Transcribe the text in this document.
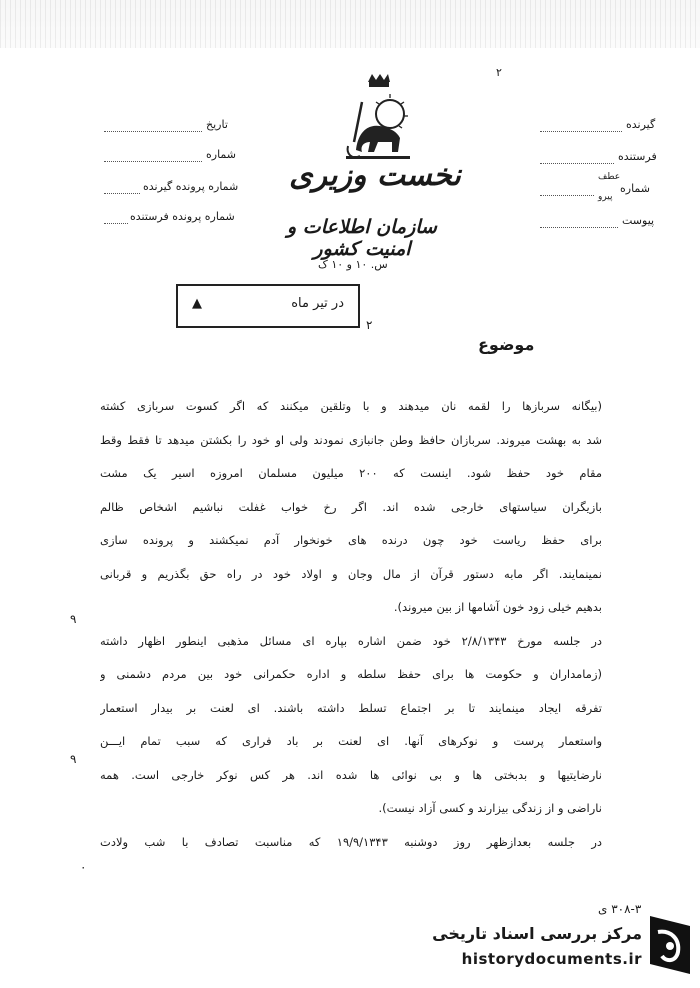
۲
تاریخ
شماره
شماره پرونده گیرنده
شماره پرونده فرستنده
گیرنده
فرستنده
شماره
عطف
پیرو
پیوست
نخست وزیری
سازمان اطلاعات و امنیت کشور
س. ۱۰ و ۱۰ ک
▲	در تیر ماه
۲
موضوع
(بیگانه سربازها را لقمه نان میدهند و با وتلقین میکنند که اگر کسوت سربازی کشته
شد به بهشت میروند. سربازان حافظ وطن جانبازی نمودند ولی او خود را بکشتن میدهد تا فقط وقط
مقام خود حفظ شود. اینست که ۲۰۰ میلیون مسلمان امروزه اسیر یک مشت
بازیگران سیاستهای خارجی شده اند. اگر رخ خواب غفلت نباشیم اشخاص ظالم
برای حفظ ریاست خود چون درنده های خونخوار آدم نمیکشند و پرونده سازی
نمینمایند. اگر مابه دستور قرآن از مال وجان و اولاد خود در راه حق بگذریم و قربانی
بدهیم خیلی زود خون آشامها از بین میروند).
در جلسه مورخ ۲/۸/۱۳۴۳ خود ضمن اشاره بپاره ای مسائل مذهبی اینطور اظهار داشته
(زمامداران و حکومت ها برای حفظ سلطه و اداره حکمرانی خود بین مردم دشمنی و
تفرقه ایجاد مینمایند تا بر اجتماع تسلط داشته باشند. ای لعنت بر بیدار استعمار
واستعمار پرست و نوکرهای آنها. ای لعنت بر باد فراری که سبب تمام ایـــن
نارضایتیها و بدبختی ها و بی نوائی ها شده اند. هر کس نوکر خارجی است. همه
ناراضی و از زندگی بیزارند و کسی آزاد نیست).
در جلسه بعدازظهر روز دوشنبه ۱۹/۹/۱۳۴۳ که مناسبت تصادف با شب ولادت
۹
۹
۰
۳۰۸-۳ ی
مرکز بررسی اسناد تاریخی
historydocuments.ir
